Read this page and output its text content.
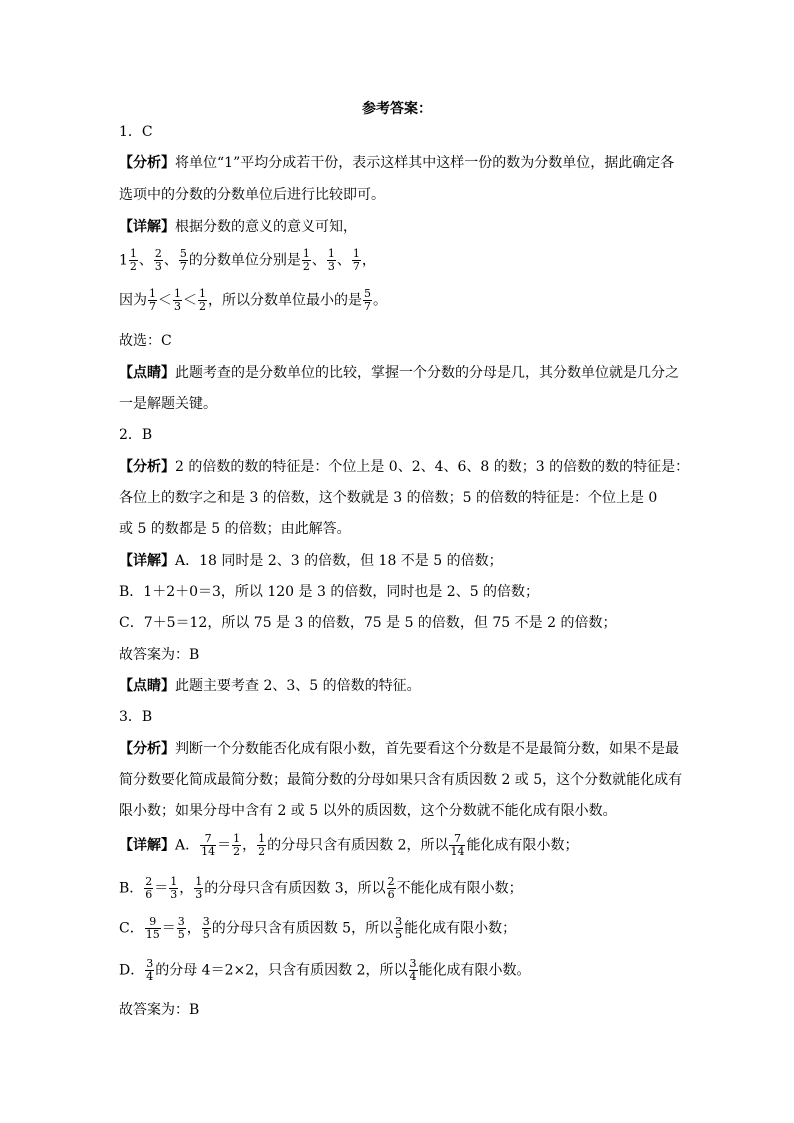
参考答案：
1．C
【分析】将单位“1”平均分成若干份，表示这样其中这样一份的数为分数单位，据此确定各
选项中的分数的分数单位后进行比较即可。
【详解】根据分数的意义的意义可知，
$1 \frac{1}{2}$ 、 $\frac{2}{3}$ 、 $\frac{5}{7}$ 的分数单位分别是 $\frac{1}{2}$ 、 $\frac{1}{3}$ 、 $\frac{1}{7}$ ，
因为 $\frac{1}{7} < \frac{1}{3} < \frac{1}{2}$ ，所以分数单位最小的是 $\frac{5}{7}$ 。
故选：C
【点睛】此题考查的是分数单位的比较，掌握一个分数的分母是几，其分数单位就是几分之
一是解题关键。
2．B
【分析】2 的倍数的数的特征是：个位上是 0、2、4、6、8 的数；3 的倍数的数的特征是：
各位上的数字之和是 3 的倍数，这个数就是 3 的倍数；5 的倍数的特征是：个位上是 0
或 5 的数都是 5 的倍数；由此解答。
【详解】A．18 同时是 2、3 的倍数，但 18 不是 5 的倍数；
B．1＋2＋0＝3，所以 120 是 3 的倍数，同时也是 2、5 的倍数；
C．7＋5＝12，所以 75 是 3 的倍数，75 是 5 的倍数，但 75 不是 2 的倍数；
故答案为：B
【点睛】此题主要考查 2、3、5 的倍数的特征。
3．B
【分析】判断一个分数能否化成有限小数，首先要看这个分数是不是最简分数，如果不是最
简分数要化简成最简分数；最简分数的分母如果只含有质因数 2 或 5，这个分数就能化成有
限小数；如果分母中含有 2 或 5 以外的质因数，这个分数就不能化成有限小数。
【详解】A． $\frac{7}{14} = \frac{1}{2}$ ， $\frac{1}{2}$ 的分母只含有质因数 2，所以 $\frac{7}{14}$ 能化成有限小数；
B． $\frac{2}{6} = \frac{1}{3}$ ， $\frac{1}{3}$ 的分母只含有质因数 3，所以 $\frac{2}{6}$ 不能化成有限小数；
C． $\frac{9}{15} = \frac{3}{5}$ ， $\frac{3}{5}$ 的分母只含有质因数 5，所以 $\frac{3}{5}$ 能化成有限小数；
D． $\frac{3}{4}$ 的分母 4＝2×2，只含有质因数 2，所以 $\frac{3}{4}$ 能化成有限小数。
故答案为：B
